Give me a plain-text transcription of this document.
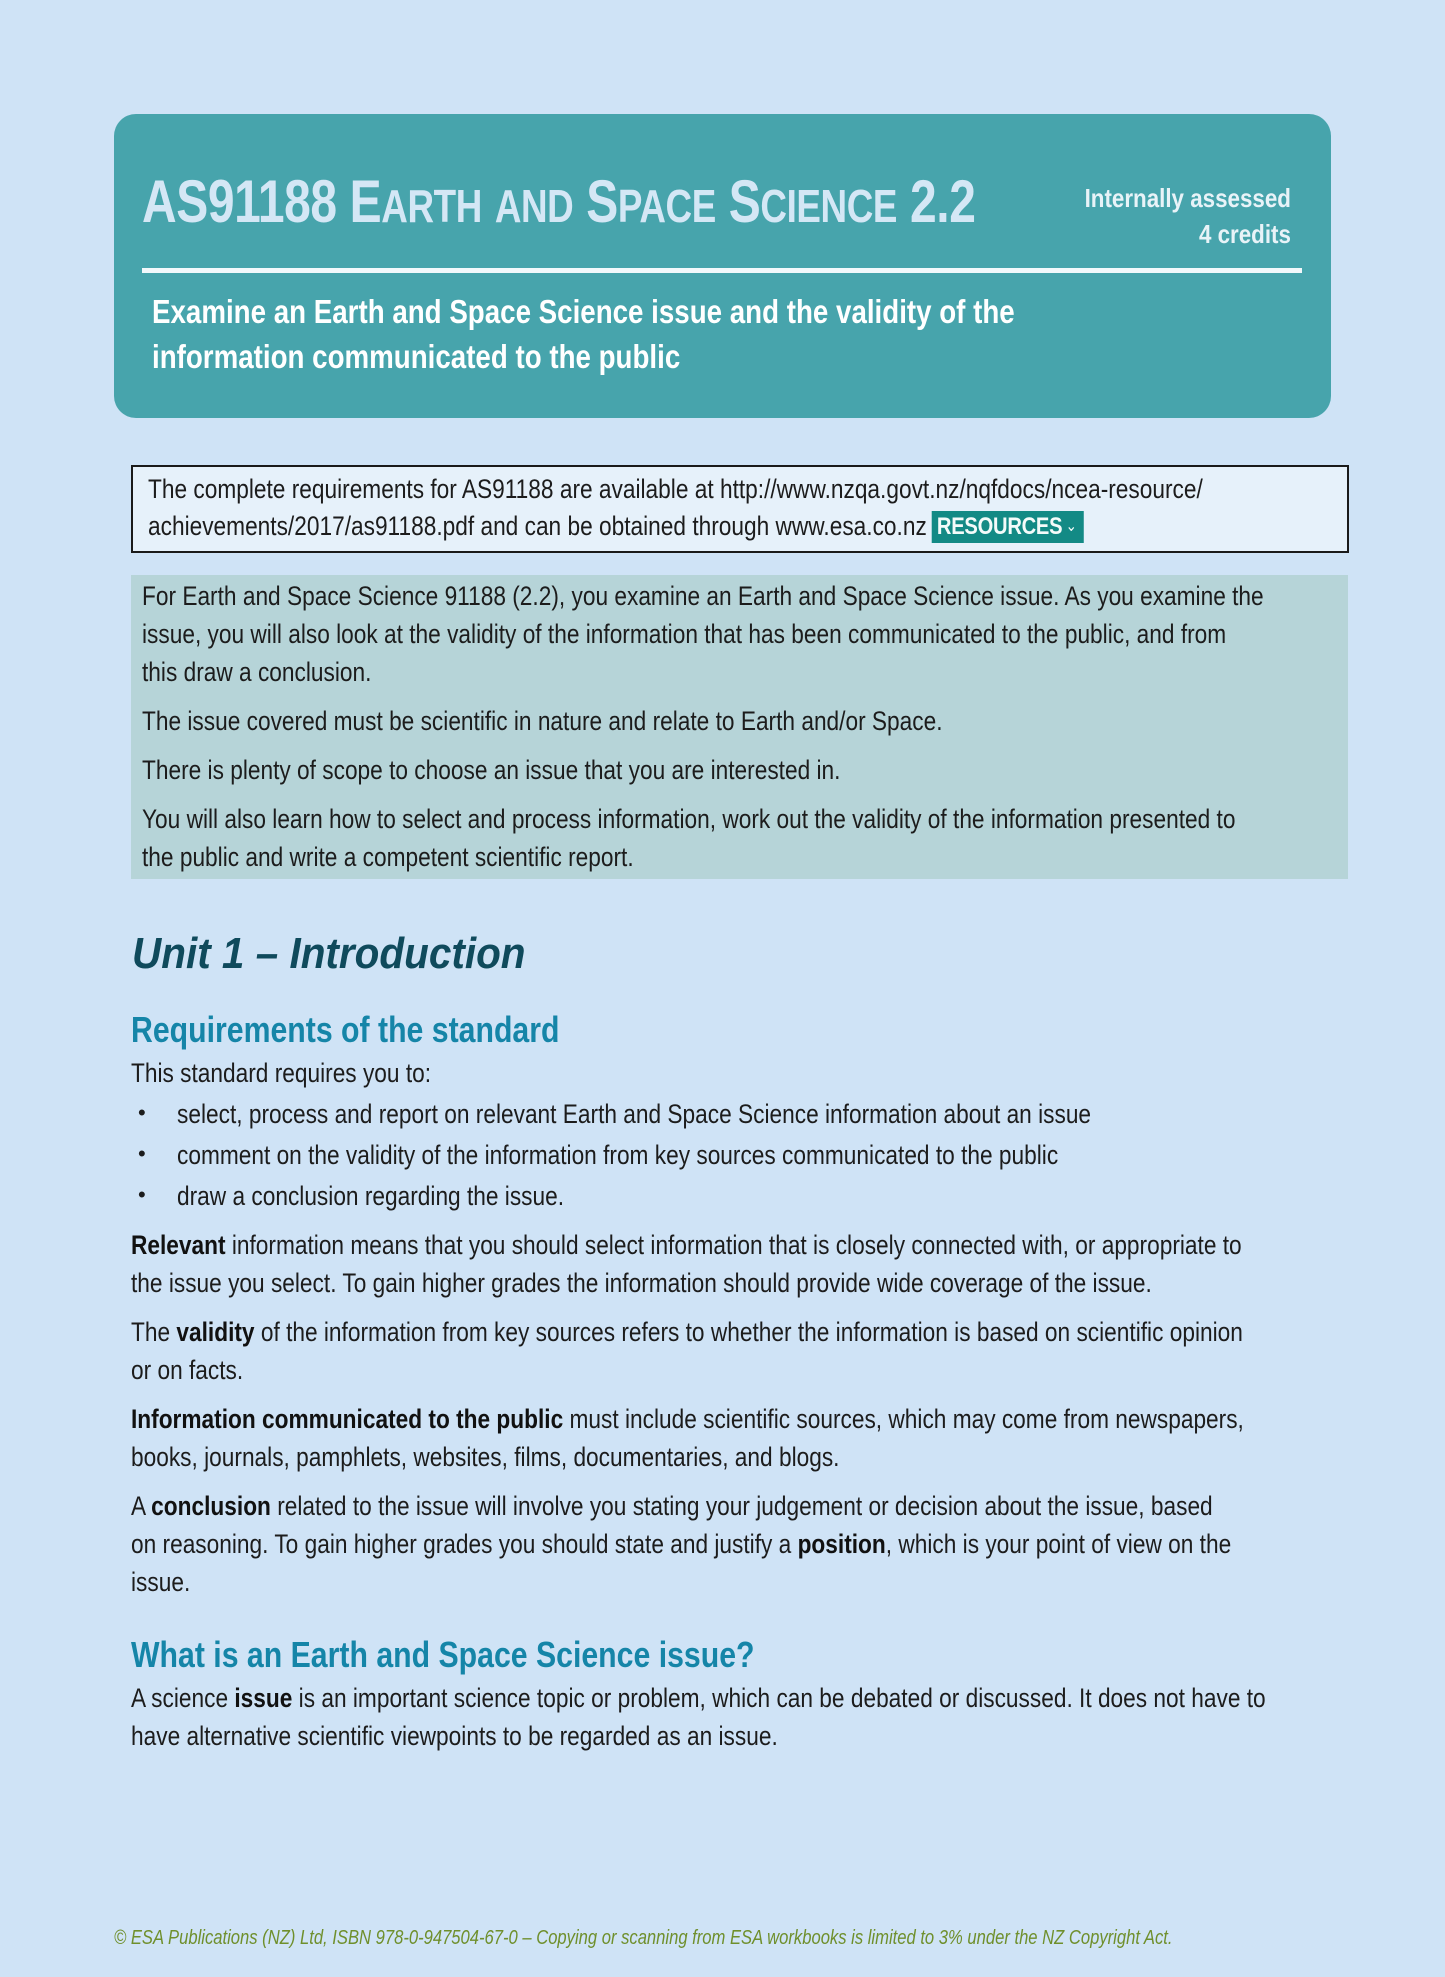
AS91188 EARTH AND SPACE SCIENCE 2.2	Internally assessed
4 credits
Examine an Earth and Space Science issue and the validity of the
information communicated to the public
The complete requirements for AS91188 are available at http://www.nzqa.govt.nz/nqfdocs/ncea-resource/
achievements/2017/as91188.pdf and can be obtained through www.esa.co.nz RESOURCES ⌄

For Earth and Space Science 91188 (2.2), you examine an Earth and Space Science issue. As you examine the

issue, you will also look at the validity of the information that has been communicated to the public, and from

this draw a conclusion.

The issue covered must be scientific in nature and relate to Earth and/or Space.

There is plenty of scope to choose an issue that you are interested in.

You will also learn how to select and process information, work out the validity of the information presented to

the public and write a competent scientific report.

Unit 1 – Introduction
Requirements of the standard
This standard requires you to:
• select, process and report on relevant Earth and Space Science information about an issue
• comment on the validity of the information from key sources communicated to the public
• draw a conclusion regarding the issue.
Relevant information means that you should select information that is closely connected with, or appropriate to
the issue you select. To gain higher grades the information should provide wide coverage of the issue.
The validity of the information from key sources refers to whether the information is based on scientific opinion
or on facts.
Information communicated to the public must include scientific sources, which may come from newspapers,
books, journals, pamphlets, websites, films, documentaries, and blogs.
A conclusion related to the issue will involve you stating your judgement or decision about the issue, based
on reasoning. To gain higher grades you should state and justify a position, which is your point of view on the
issue.
What is an Earth and Space Science issue?
A science issue is an important science topic or problem, which can be debated or discussed. It does not have to
have alternative scientific viewpoints to be regarded as an issue.
© ESA Publications (NZ) Ltd, ISBN 978-0-947504-67-0 – Copying or scanning from ESA workbooks is limited to 3% under the NZ Copyright Act.
